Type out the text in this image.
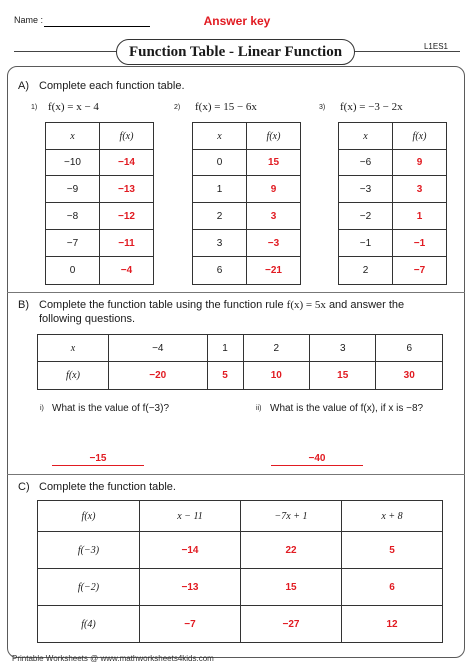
Name :	Answer key
L1ES1
Function Table - Linear Function
A) Complete each function table.
1) f(x) = x − 4	2) f(x) = 15 − 6x	3) f(x) = −3 − 2x
x	f(x)
−10	−14
−9	−13
−8	−12
−7	−11
0	−4
x	f(x)
0	15
1	9
2	3
3	−3
6	−21
x	f(x)
−6	9
−3	3
−2	1
−1	−1
2	−7
B) Complete the function table using the function rule f(x) = 5x and answer the
following questions.
x	−4	1	2	3	6
f(x)	−20	5	10	15	30
i) What is the value of f(−3)?
−15
ii) What is the value of f(x), if x is −8?
−40
C) Complete the function table.
f(x)	x − 11	−7x + 1	x + 8
f(−3)	−14	22	5
f(−2)	−13	15	6
f(4)	−7	−27	12
Printable Worksheets @ www.mathworksheets4kids.com
